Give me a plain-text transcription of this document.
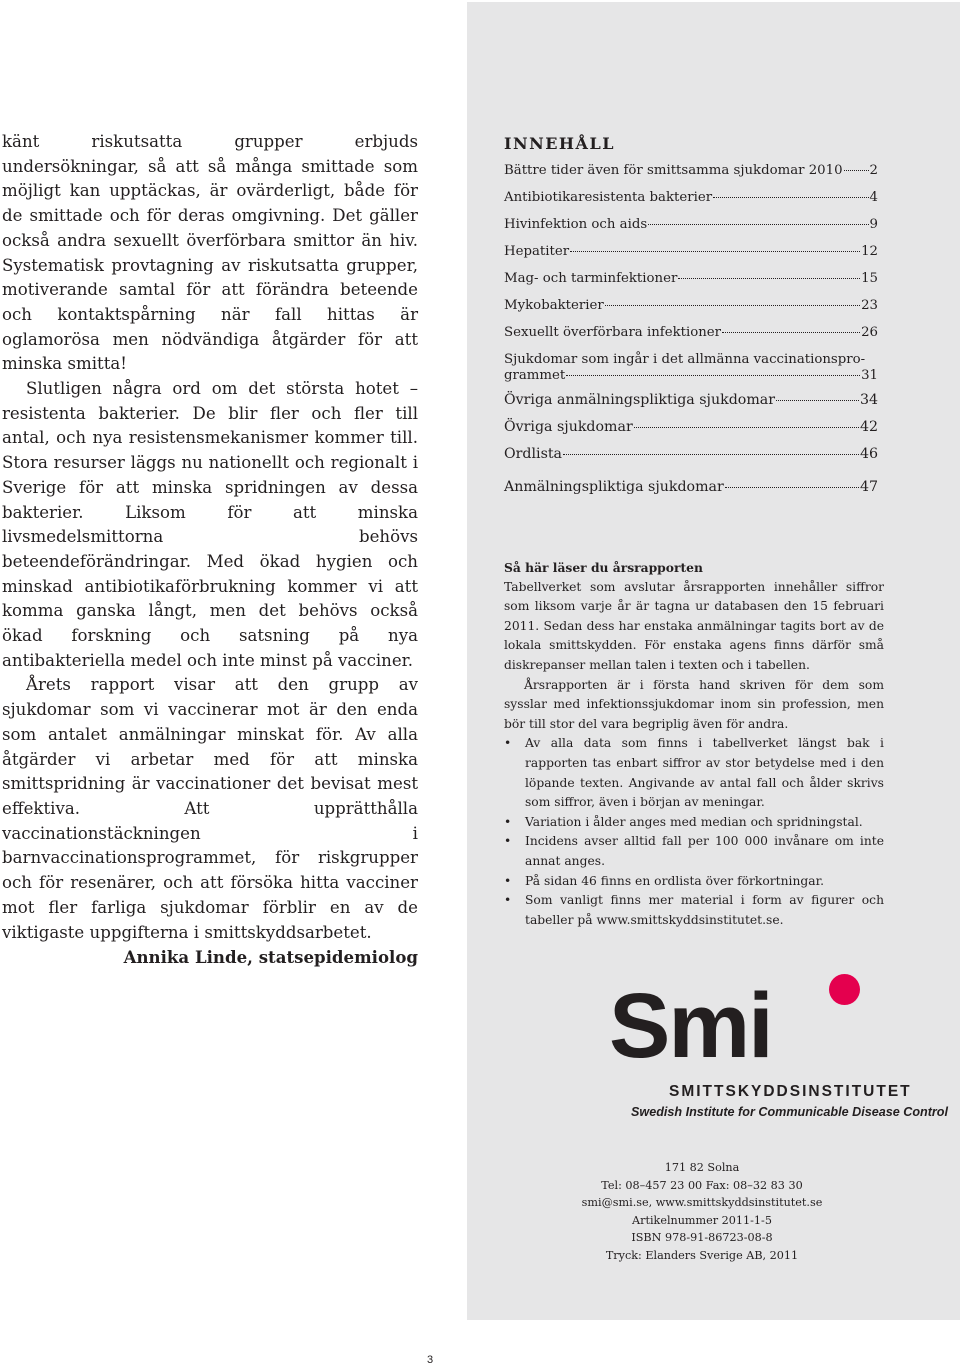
känt riskutsatta grupper erbjuds undersökningar, så att så många smittade som möjligt kan upptäckas, är ovärderligt, både för de smittade och för deras omgivning. Det gäller också andra sexuellt överförbara smittor än hiv. Systematisk provtagning av riskutsatta grupper, motiverande samtal för att förändra beteende och kontaktspårning när fall hittas är oglamorösa men nödvändiga åtgärder för att minska smitta!

Slutligen några ord om det största hotet – resistenta bakterier. De blir fler och fler till antal, och nya resistensmekanismer kommer till. Stora resurser läggs nu nationellt och regionalt i Sverige för att minska spridningen av dessa bakterier. Liksom för att minska livsmedelsmittorna behövs beteendeförändringar. Med ökad hygien och minskad antibiotikaförbrukning kommer vi att komma ganska långt, men det behövs också ökad forskning och satsning på nya antibakteriella medel och inte minst på vacciner.

Årets rapport visar att den grupp av sjukdomar som vi vaccinerar mot är den enda som antalet anmälningar minskat för. Av alla åtgärder vi arbetar med för att minska smittspridning är vaccinationer det bevisat mest effektiva. Att upprätthålla vaccinationstäckningen i barnvaccinationsprogrammet, för riskgrupper och för resenärer, och att försöka hitta vacciner mot fler farliga sjukdomar förblir en av de viktigaste uppgifterna i smittskyddsarbetet.

Annika Linde, statsepidemiolog

INNEHÅLL
Bättre tider även för smittsamma sjukdomar 2010 2
Antibiotikaresistenta bakterier	4
Hivinfektion och aids	9
Hepatiter	12
Mag- och tarminfektioner	15
Mykobakterier	23
Sexuellt överförbara infektioner	26
Sjukdomar som ingår i det allmänna vaccinationspro-
grammet	31
Övriga anmälningspliktiga sjukdomar	34
Övriga sjukdomar	42
Ordlista	46
Anmälningspliktiga sjukdomar	47
Så här läser du årsrapporten

Tabellverket som avslutar årsrapporten innehåller siffror som liksom varje år är tagna ur databasen den 15 februari 2011. Sedan dess har enstaka anmälningar tagits bort av de lokala smittskydden. För enstaka agens finns därför små diskrepanser mellan talen i texten och i tabellen.

Årsrapporten är i första hand skriven för dem som sysslar med infektionssjukdomar inom sin profession, men bör till stor del vara begriplig även för andra.

• Av alla data som finns i tabellverket längst bak i rapporten tas enbart siffror av stor betydelse med i den löpande texten. Angivande av antal fall och ålder skrivs som siffror, även i början av meningar.
• Variation i ålder anges med median och spridningstal.
• Incidens avser alltid fall per 100 000 invånare om inte annat anges.
• På sidan 46 finns en ordlista över förkortningar.
• Som vanligt finns mer material i form av figurer och tabeller på www.smittskyddsinstitutet.se.
Smi
SMITTSKYDDSINSTITUTET
Swedish Institute for Communicable Disease Control
171 82 Solna
Tel: 08–457 23 00 Fax: 08–32 83 30
smi@smi.se, www.smittskyddsinstitutet.se
Artikelnummer 2011-1-5
ISBN 978-91-86723-08-8
Tryck: Elanders Sverige AB, 2011
3
